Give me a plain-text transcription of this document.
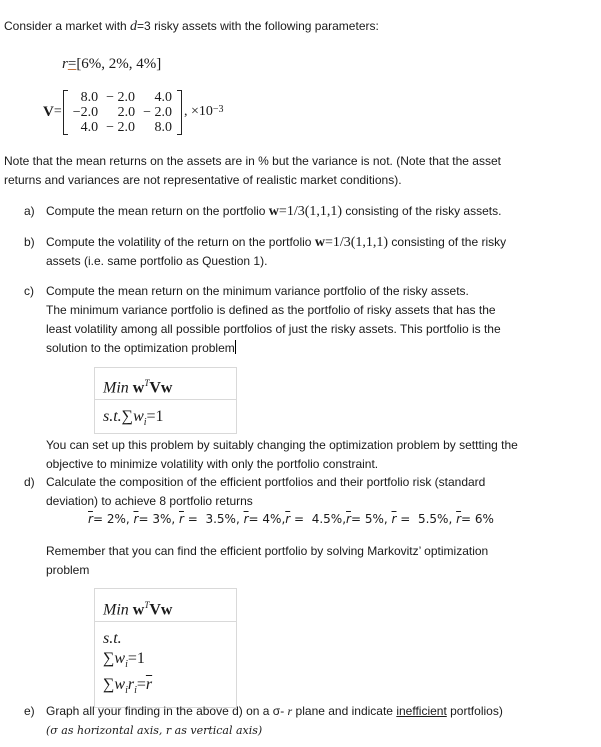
Consider a market with d=3 risky assets with the following parameters:
r=[6%, 2%, 4%]
V =
8.0	− 2.0	4.0
−2.0	2.0	− 2.0
4.0	− 2.0	8.0
, $\times 10^{-3}$
Note that the mean returns on the assets are in % but the variance is not. (Note that the asset
returns and variances are not representative of realistic market conditions).
a) Compute the mean return on the portfolio w=1/3(1,1,1) consisting of the risky assets.
b) Compute the volatility of the return on the portfolio w=1/3(1,1,1) consisting of the risky
assets (i.e. same portfolio as Question 1).
c) Compute the mean return on the minimum variance portfolio of the risky assets.
The minimum variance portfolio is defined as the portfolio of risky assets that has the
least volatility among all possible portfolios of just the risky assets. This portfolio is the
solution to the optimization problem
Min $w^TVw$
$s.t.\sum w_i=1$
You can set up this problem by suitably changing the optimization problem by settting the
objective to minimize volatility with only the portfolio constraint.
d) Calculate the composition of the efficient portfolios and their portfolio risk (standard
deviation) to achieve 8 portfolio returns
$\overline{r}= 2\%$, $\overline{r}= 3\%$, $\overline{r} = 3.5\%$, $\overline{r}= 4\%,\overline{r} = 4.5\%,\overline{r}= 5\%$, $\overline{r} = 5.5\%$, $\overline{r}= 6\%$
Remember that you can find the efficient portfolio by solving Markovitz’ optimization
problem
Min $w^TVw$
s.t.
$\sum w_i=1$
$\sum w_ir_i=\overline{r}$
e) Graph all your finding in the above d) on a σ- r plane and indicate inefficient portfolios)
(σ as horizontal axis, r as vertical axis)
